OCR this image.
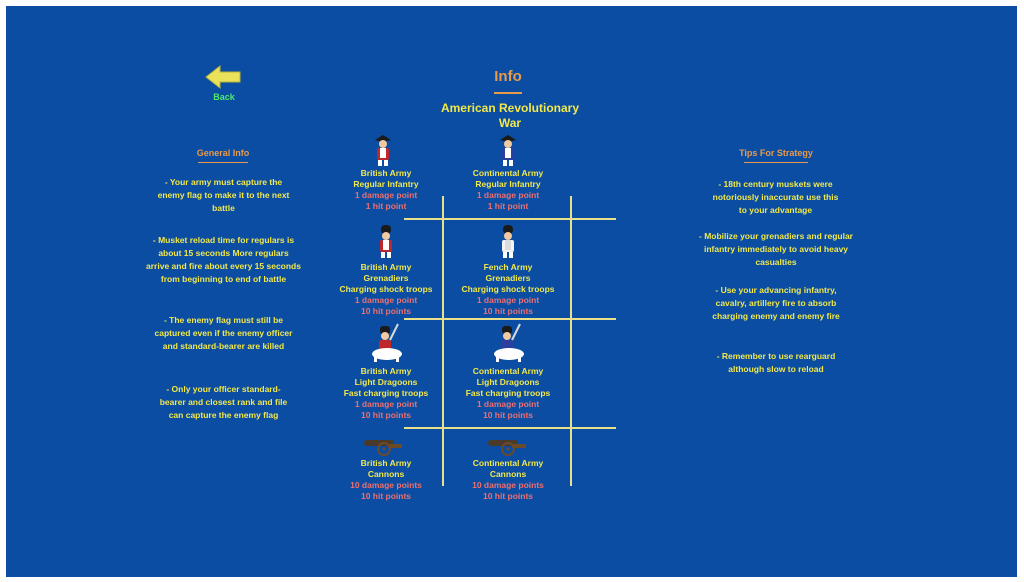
Back
Info
American Revolutionary War
General Info
- Your army must capture the enemy flag to make it to the next battle
- Musket reload time for regulars is about 15 seconds More regulars arrive and fire about every 15 seconds from beginning to end of battle
- The enemy flag must still be captured even if the enemy officer and standard-bearer are killed
- Only your officer standard-bearer and closest rank and file can capture the enemy flag
Tips For Strategy
- 18th century muskets were notoriously inaccurate use this to your advantage
- Mobilize your grenadiers and regular infantry immediately to avoid heavy casualties
- Use your advancing infantry, cavalry, artillery fire to absorb charging enemy and enemy fire
- Remember to use rearguard although slow to reload
British Army
Regular Infantry
1 damage point
1 hit point
Continental Army
Regular Infantry
1 damage point
1 hit point
British Army
Grenadiers
Charging shock troops
1 damage point
10 hit points
Fench Army
Grenadiers
Charging shock troops
1 damage point
10 hit points
British Army
Light Dragoons
Fast charging troops
1 damage point
10 hit points
Continental Army
Light Dragoons
Fast charging troops
1 damage point
10 hit points
British Army
Cannons
10 damage points
10 hit points
Continental Army
Cannons
10 damage points
10 hit points
